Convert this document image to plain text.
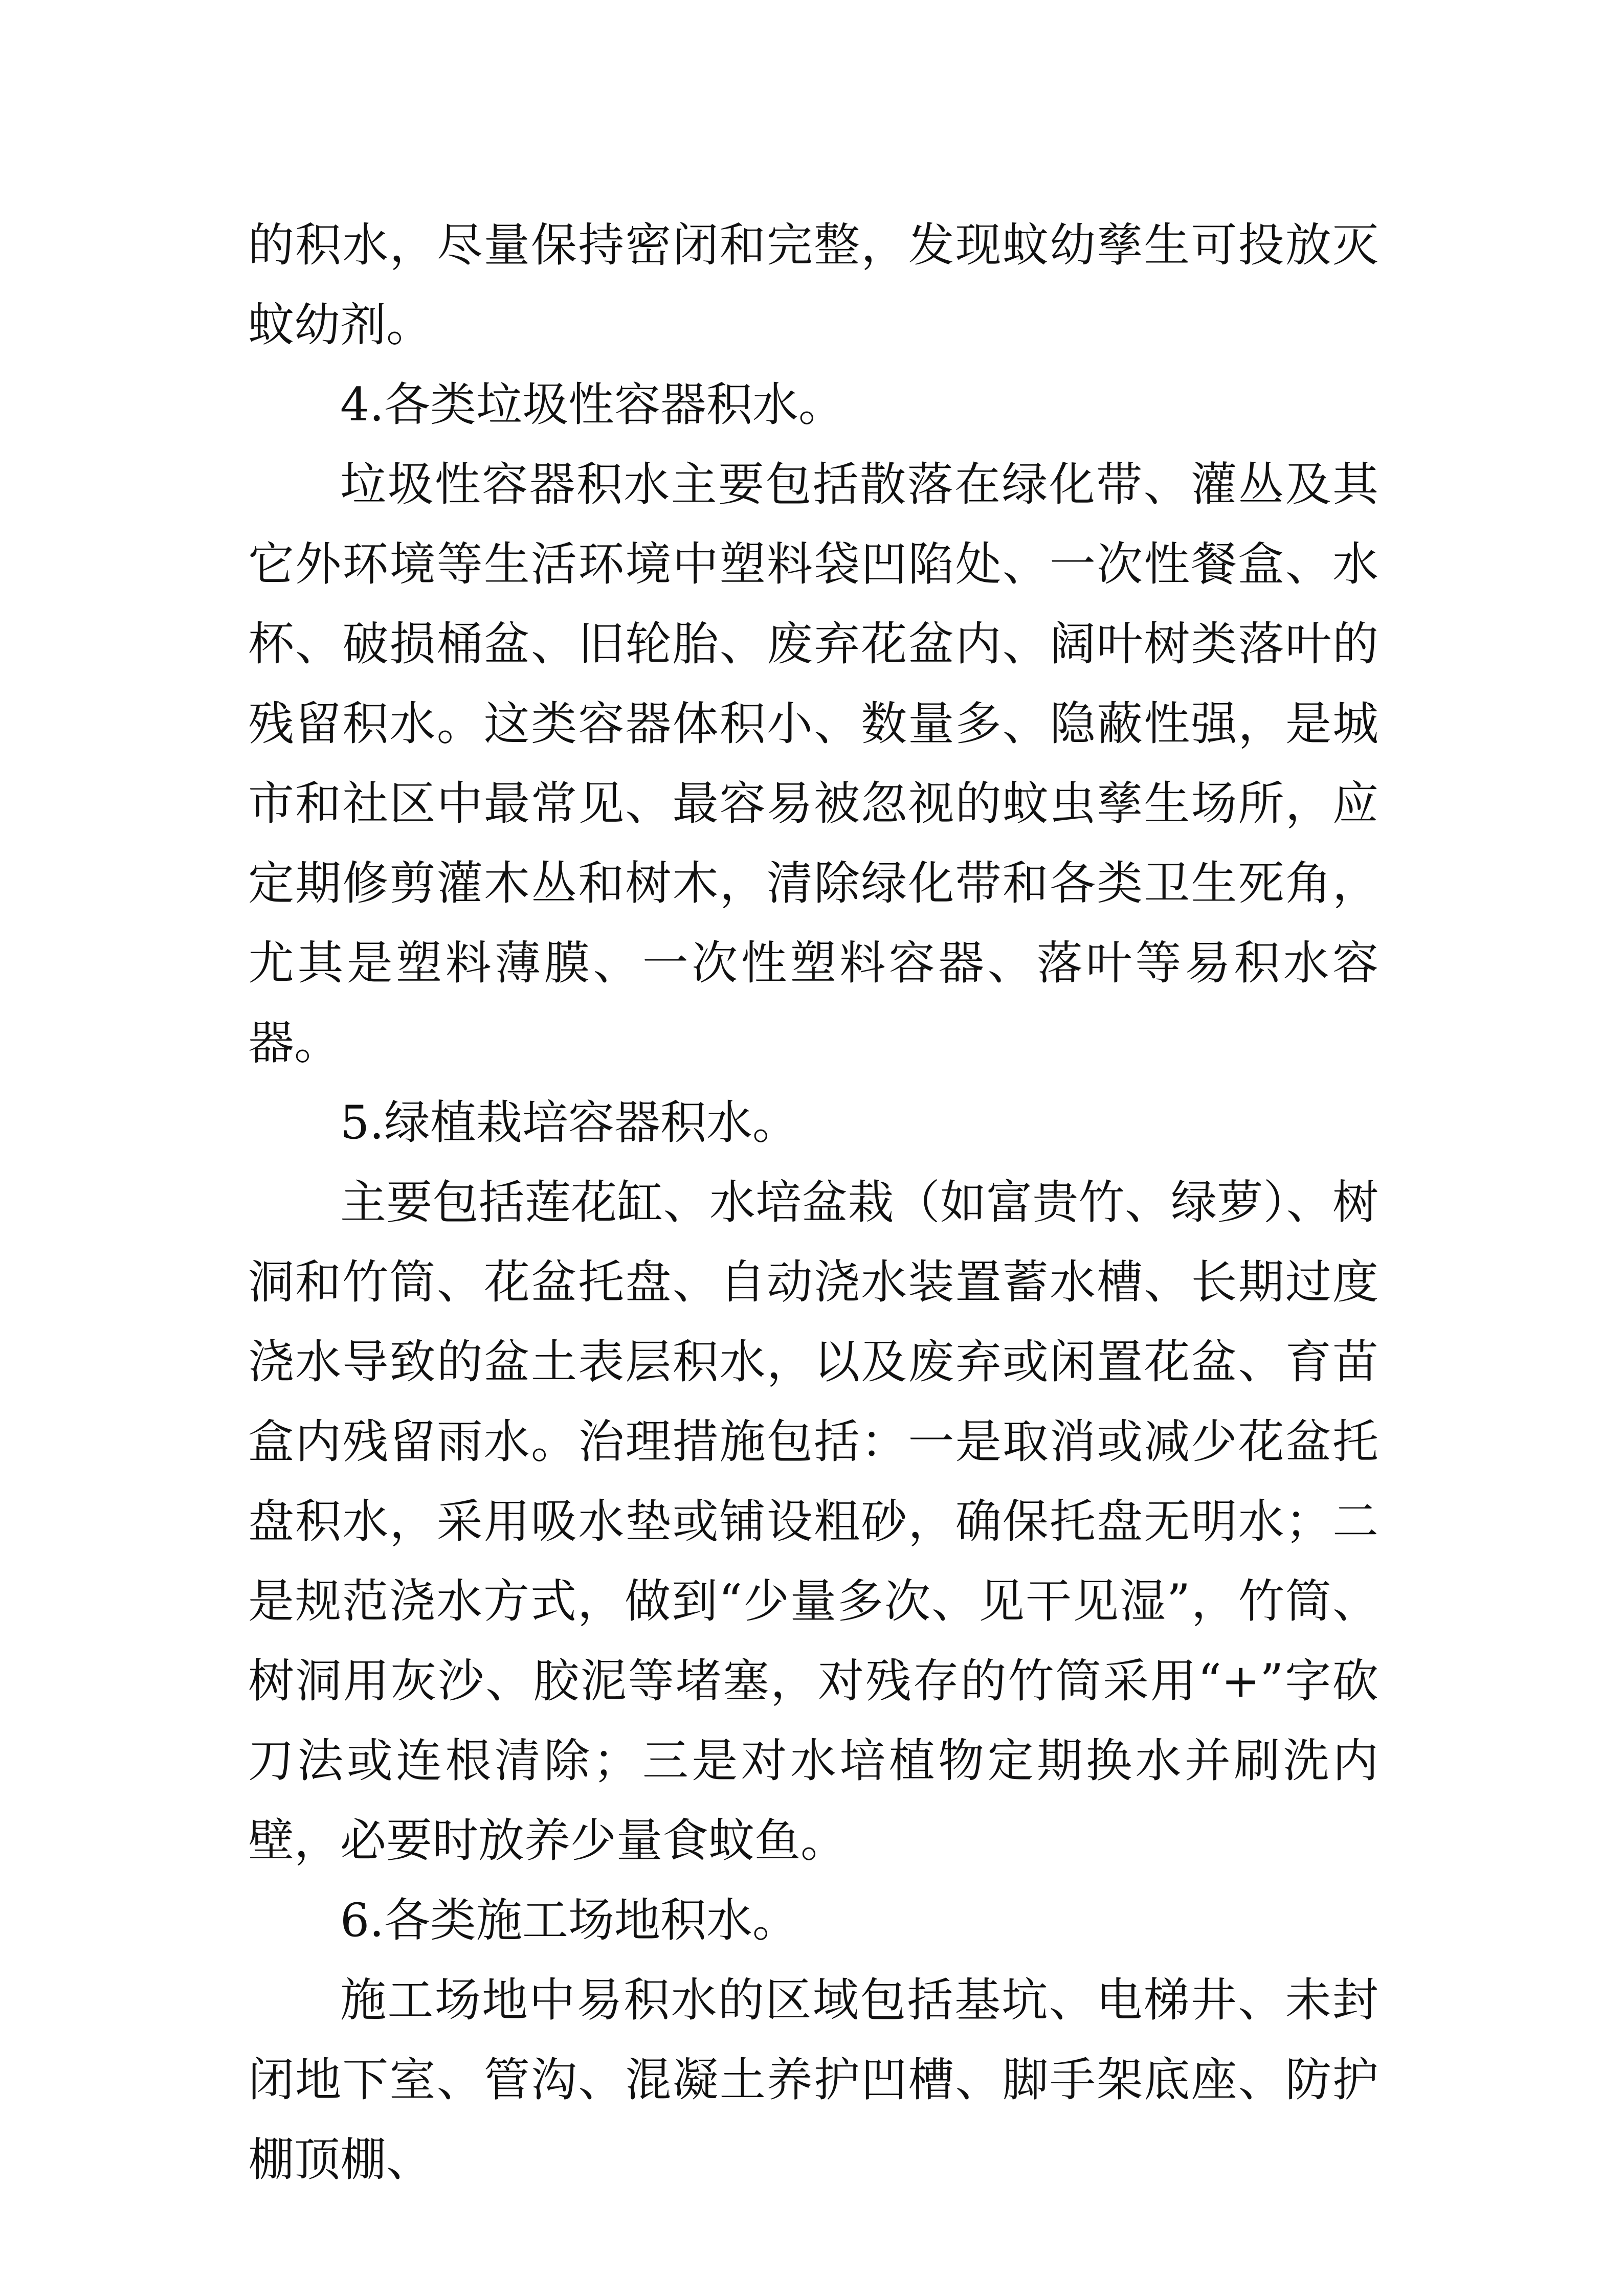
的积水，尽量保持密闭和完整，发现蚊幼孳生可投放灭蚊幼剂。

4.各类垃圾性容器积水。

垃圾性容器积水主要包括散落在绿化带、灌丛及其它外环境等生活环境中塑料袋凹陷处、一次性餐盒、水杯、破损桶盆、旧轮胎、废弃花盆内、阔叶树类落叶的残留积水。这类容器体积小、数量多、隐蔽性强，是城市和社区中最常见、最容易被忽视的蚊虫孳生场所，应定期修剪灌木丛和树木，清除绿化带和各类卫生死角，尤其是塑料薄膜、一次性塑料容器、落叶等易积水容器。

5.绿植栽培容器积水。

主要包括莲花缸、水培盆栽（如富贵竹、绿萝）、树洞和竹筒、花盆托盘、自动浇水装置蓄水槽、长期过度浇水导致的盆土表层积水，以及废弃或闲置花盆、育苗盒内残留雨水。治理措施包括：一是取消或减少花盆托盘积水，采用吸水垫或铺设粗砂，确保托盘无明水；二是规范浇水方式，做到“少量多次、见干见湿”，竹筒、树洞用灰沙、胶泥等堵塞，对残存的竹筒采用“+”字砍刀法或连根清除；三是对水培植物定期换水并刷洗内壁，必要时放养少量食蚊鱼。

6.各类施工场地积水。

施工场地中易积水的区域包括基坑、电梯井、未封闭地下室、管沟、混凝土养护凹槽、脚手架底座、防护棚顶棚、
